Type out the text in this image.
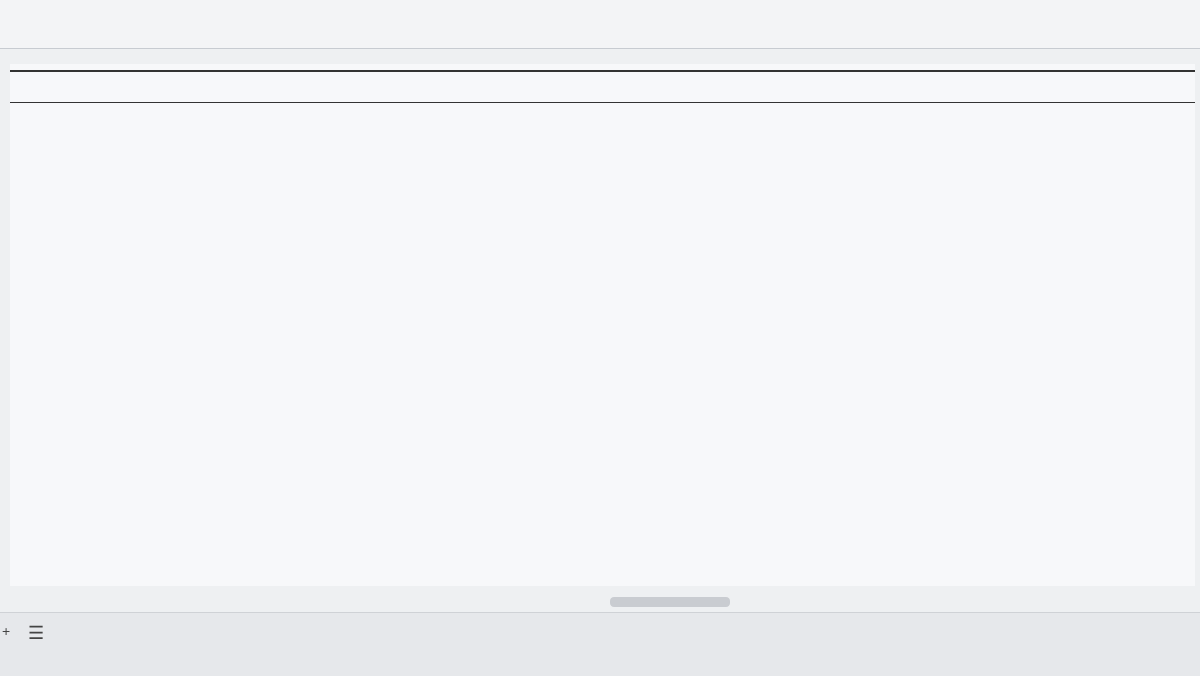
+ ☰
